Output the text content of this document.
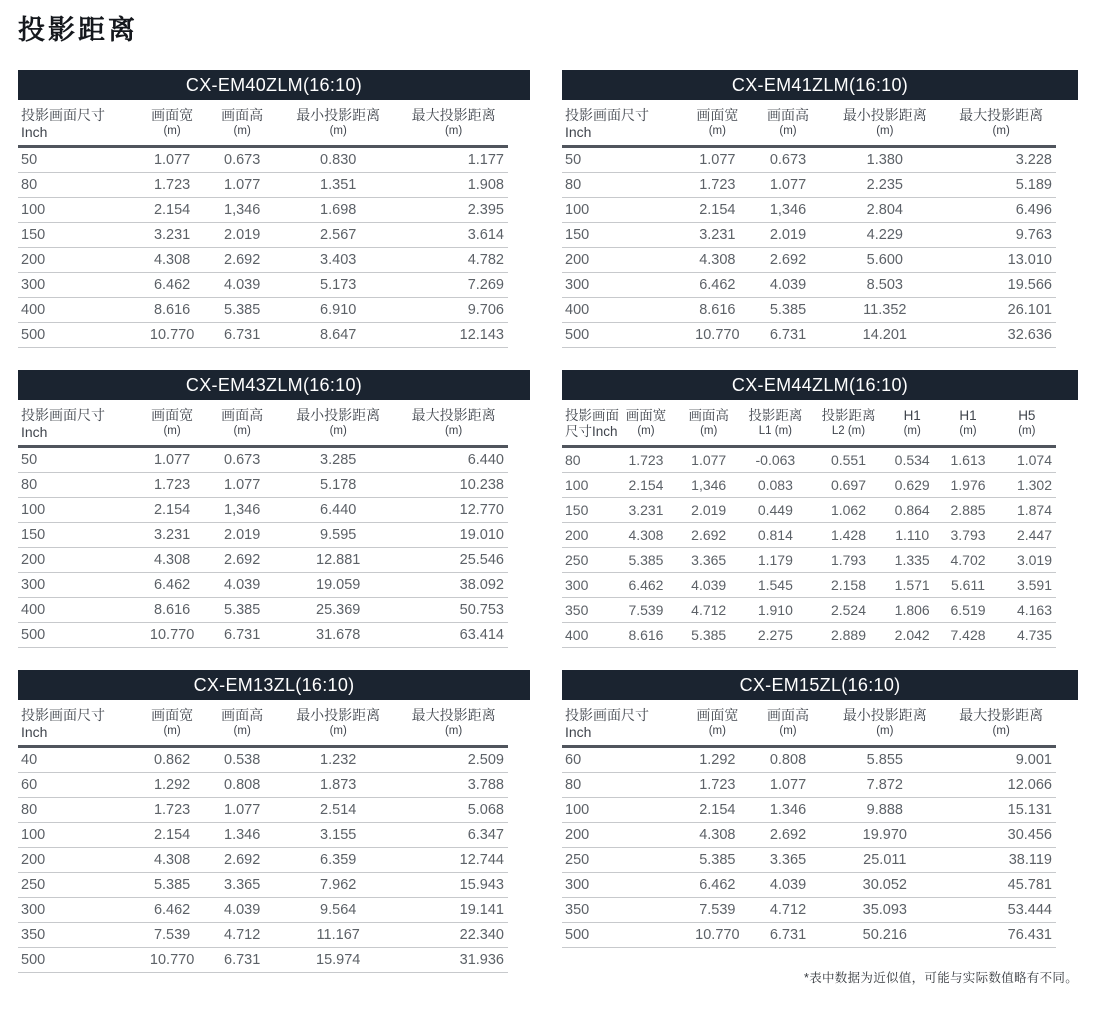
投影距离
CX-EM40ZLM(16:10)
投影画面尺寸
Inch

画面宽
(m)

画面高
(m)

最小投影距离
(m)

最大投影距离
(m)

50	1.077	0.673	0.830	1.177
80	1.723	1.077	1.351	1.908
100	2.154	1,346	1.698	2.395
150	3.231	2.019	2.567	3.614
200	4.308	2.692	3.403	4.782
300	6.462	4.039	5.173	7.269
400	8.616	5.385	6.910	9.706
500	10.770	6.731	8.647	12.143
CX-EM41ZLM(16:10)
投影画面尺寸
Inch

画面宽
(m)

画面高
(m)

最小投影距离
(m)

最大投影距离
(m)

50	1.077	0.673	1.380	3.228
80	1.723	1.077	2.235	5.189
100	2.154	1,346	2.804	6.496
150	3.231	2.019	4.229	9.763
200	4.308	2.692	5.600	13.010
300	6.462	4.039	8.503	19.566
400	8.616	5.385	11.352	26.101
500	10.770	6.731	14.201	32.636
CX-EM43ZLM(16:10)
投影画面尺寸
Inch

画面宽
(m)

画面高
(m)

最小投影距离
(m)

最大投影距离
(m)

50	1.077	0.673	3.285	6.440
80	1.723	1.077	5.178	10.238
100	2.154	1,346	6.440	12.770
150	3.231	2.019	9.595	19.010
200	4.308	2.692	12.881	25.546
300	6.462	4.039	19.059	38.092
400	8.616	5.385	25.369	50.753
500	10.770	6.731	31.678	63.414
CX-EM44ZLM(16:10)
投影画面
尺寸Inch

画面宽
(m)

画面高
(m)

投影距离
L1 (m)

投影距离
L2 (m)

H1
(m)

H1
(m)

H5
(m)

80	1.723	1.077	-0.063	0.551	0.534	1.613	1.074
100	2.154	1,346	0.083	0.697	0.629	1.976	1.302
150	3.231	2.019	0.449	1.062	0.864	2.885	1.874
200	4.308	2.692	0.814	1.428	1.110	3.793	2.447
250	5.385	3.365	1.179	1.793	1.335	4.702	3.019
300	6.462	4.039	1.545	2.158	1.571	5.611	3.591
350	7.539	4.712	1.910	2.524	1.806	6.519	4.163
400	8.616	5.385	2.275	2.889	2.042	7.428	4.735
CX-EM13ZL(16:10)
投影画面尺寸
Inch

画面宽
(m)

画面高
(m)

最小投影距离
(m)

最大投影距离
(m)

40	0.862	0.538	1.232	2.509
60	1.292	0.808	1.873	3.788
80	1.723	1.077	2.514	5.068
100	2.154	1.346	3.155	6.347
200	4.308	2.692	6.359	12.744
250	5.385	3.365	7.962	15.943
300	6.462	4.039	9.564	19.141
350	7.539	4.712	11.167	22.340
500	10.770	6.731	15.974	31.936
CX-EM15ZL(16:10)
投影画面尺寸
Inch

画面宽
(m)

画面高
(m)

最小投影距离
(m)

最大投影距离
(m)

60	1.292	0.808	5.855	9.001
80	1.723	1.077	7.872	12.066
100	2.154	1.346	9.888	15.131
200	4.308	2.692	19.970	30.456
250	5.385	3.365	25.011	38.119
300	6.462	4.039	30.052	45.781
350	7.539	4.712	35.093	53.444
500	10.770	6.731	50.216	76.431
*表中数据为近似值，可能与实际数值略有不同。
